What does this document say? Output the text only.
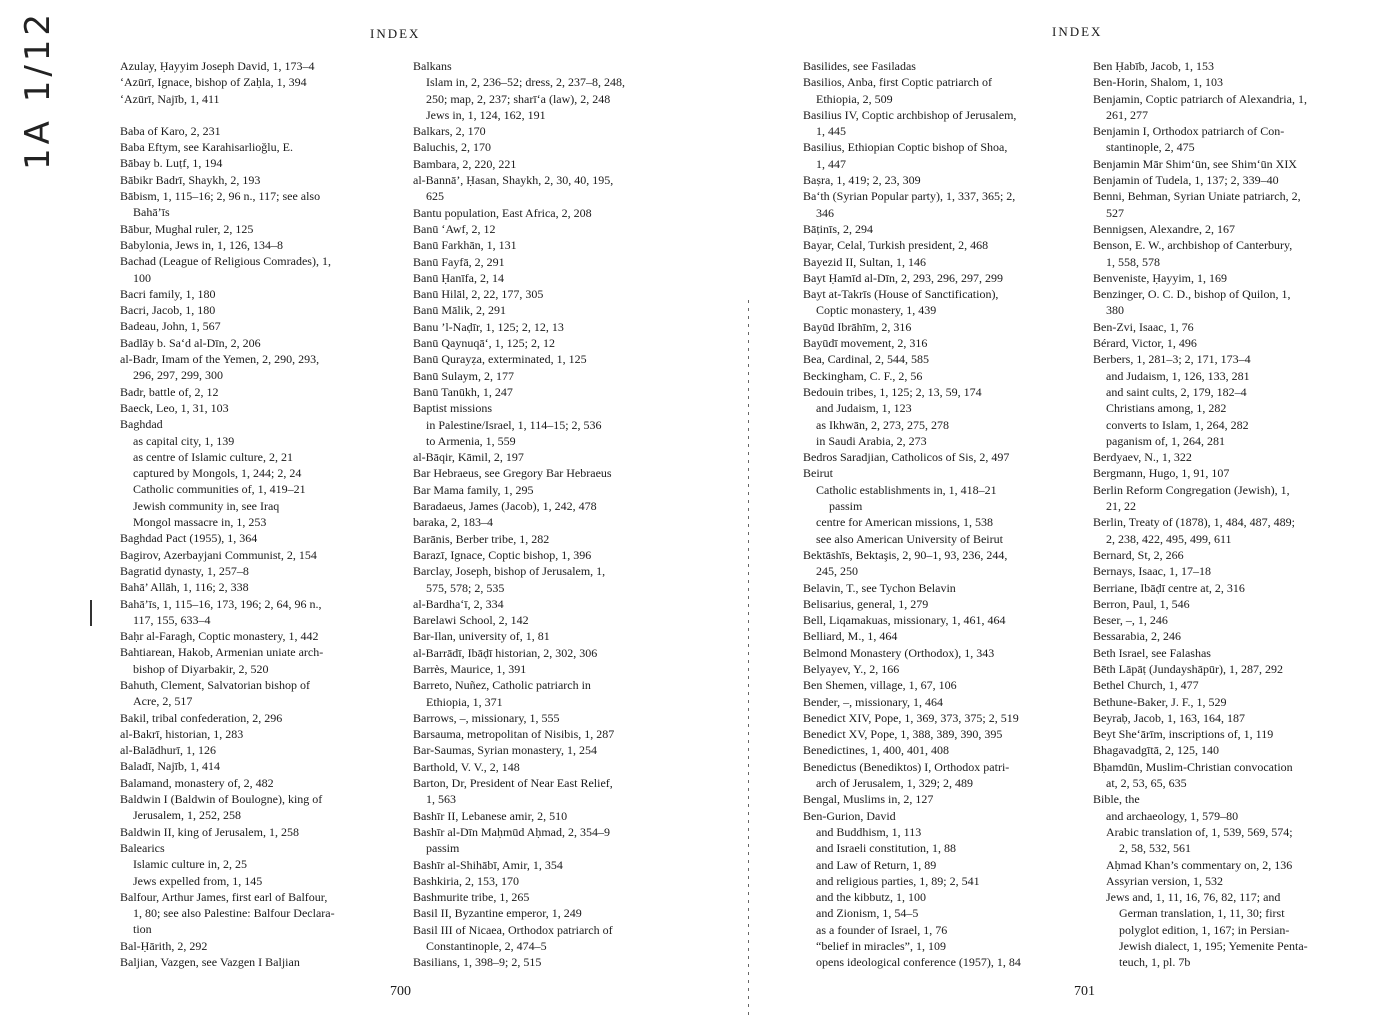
INDEX
1A 1/12	Azulay, Ḥayyim Joseph David, 1, 173–4
‘Azūrī, Ignace, bishop of Zaḥla, 1, 394
‘Azūrī, Najīb, 1, 411
Baba of Karo, 2, 231
Baba Eftym, see Karahisarlioğlu, E.
Bābay b. Luṭf, 1, 194
Bābikr Badrī, Shaykh, 2, 193
Bābism, 1, 115–16; 2, 96 n., 117; see also
Bahā’īs
Bābur, Mughal ruler, 2, 125
Babylonia, Jews in, 1, 126, 134–8
Bachad (League of Religious Comrades), 1,
100
Bacri family, 1, 180
Bacri, Jacob, 1, 180
Badeau, John, 1, 567
Badlāy b. Sa‘d al-Dīn, 2, 206
al-Badr, Imam of the Yemen, 2, 290, 293,
296, 297, 299, 300
Badr, battle of, 2, 12
Baeck, Leo, 1, 31, 103
Baghdad
as capital city, 1, 139
as centre of Islamic culture, 2, 21
captured by Mongols, 1, 244; 2, 24
Catholic communities of, 1, 419–21
Jewish community in, see Iraq
Mongol massacre in, 1, 253
Baghdad Pact (1955), 1, 364
Bagirov, Azerbayjani Communist, 2, 154
Bagratid dynasty, 1, 257–8
Bahā’ Allāh, 1, 116; 2, 338
Bahā’īs, 1, 115–16, 173, 196; 2, 64, 96 n.,
117, 155, 633–4
Baḥr al-Faragh, Coptic monastery, 1, 442
Bahtiarean, Hakob, Armenian uniate arch-
bishop of Diyarbakir, 2, 520
Bahuth, Clement, Salvatorian bishop of
Acre, 2, 517
Bakil, tribal confederation, 2, 296
al-Bakrī, historian, 1, 283
al-Balādhurī, 1, 126
Baladī, Najīb, 1, 414
Balamand, monastery of, 2, 482
Baldwin I (Baldwin of Boulogne), king of
Jerusalem, 1, 252, 258
Baldwin II, king of Jerusalem, 1, 258
Balearics
Islamic culture in, 2, 25
Jews expelled from, 1, 145
Balfour, Arthur James, first earl of Balfour,
1, 80; see also Palestine: Balfour Declara-
tion
Bal-Ḥārith, 2, 292
Baljian, Vazgen, see Vazgen I Baljian
Balkans
Islam in, 2, 236–52; dress, 2, 237–8, 248,
250; map, 2, 237; sharī‘a (law), 2, 248
Jews in, 1, 124, 162, 191
Balkars, 2, 170
Baluchis, 2, 170
Bambara, 2, 220, 221
al-Bannā’, Ḥasan, Shaykh, 2, 30, 40, 195,
625
Bantu population, East Africa, 2, 208
Banū ‘Awf, 2, 12
Banū Farkhān, 1, 131
Banū Fayfā, 2, 291
Banū Ḥanīfa, 2, 14
Banū Hilāl, 2, 22, 177, 305
Banū Mālik, 2, 291
Banu ’l-Naḍīr, 1, 125; 2, 12, 13
Banū Qaynuqā‘, 1, 125; 2, 12
Banū Qurayẓa, exterminated, 1, 125
Banū Sulaym, 2, 177
Banū Tanūkh, 1, 247
Baptist missions
in Palestine/Israel, 1, 114–15; 2, 536
to Armenia, 1, 559
al-Bāqir, Kāmil, 2, 197
Bar Hebraeus, see Gregory Bar Hebraeus
Bar Mama family, 1, 295
Baradaeus, James (Jacob), 1, 242, 478
baraka, 2, 183–4
Barānis, Berber tribe, 1, 282
Barazī, Ignace, Coptic bishop, 1, 396
Barclay, Joseph, bishop of Jerusalem, 1,
575, 578; 2, 535
al-Bardha‘ī, 2, 334
Barelawi School, 2, 142
Bar-Ilan, university of, 1, 81
al-Barrādī, Ibāḍī historian, 2, 302, 306
Barrès, Maurice, 1, 391
Barreto, Nuñez, Catholic patriarch in
Ethiopia, 1, 371
Barrows, –, missionary, 1, 555
Barsauma, metropolitan of Nisibis, 1, 287
Bar-Saumas, Syrian monastery, 1, 254
Barthold, V. V., 2, 148
Barton, Dr, President of Near East Relief,
1, 563
Bashīr II, Lebanese amir, 2, 510
Bashīr al-Dīn Maḥmūd Aḥmad, 2, 354–9
passim
Bashīr al-Shihābī, Amir, 1, 354
Bashkiria, 2, 153, 170
Bashmurite tribe, 1, 265
Basil II, Byzantine emperor, 1, 249
Basil III of Nicaea, Orthodox patriarch of
Constantinople, 2, 474–5
Basilians, 1, 398–9; 2, 515
700
INDEX
Basilides, see Fasiladas
Basilios, Anba, first Coptic patriarch of
Ethiopia, 2, 509
Basilius IV, Coptic archbishop of Jerusalem,
1, 445
Basilius, Ethiopian Coptic bishop of Shoa,
1, 447
Baṣra, 1, 419; 2, 23, 309
Ba‘th (Syrian Popular party), 1, 337, 365; 2,
346
Bāṭinīs, 2, 294
Bayar, Celal, Turkish president, 2, 468
Bayezid II, Sultan, 1, 146
Bayt Ḥamīd al-Dīn, 2, 293, 296, 297, 299
Bayt at-Takrīs (House of Sanctification),
Coptic monastery, 1, 439
Bayūd Ibrāhīm, 2, 316
Bayūdī movement, 2, 316
Bea, Cardinal, 2, 544, 585
Beckingham, C. F., 2, 56
Bedouin tribes, 1, 125; 2, 13, 59, 174
and Judaism, 1, 123
as Ikhwān, 2, 273, 275, 278
in Saudi Arabia, 2, 273
Bedros Saradjian, Catholicos of Sis, 2, 497
Beirut
Catholic establishments in, 1, 418–21
passim
centre for American missions, 1, 538
see also American University of Beirut
Bektāshīs, Bektaşis, 2, 90–1, 93, 236, 244,
245, 250
Belavin, T., see Tychon Belavin
Belisarius, general, 1, 279
Bell, Liqamakuas, missionary, 1, 461, 464
Belliard, M., 1, 464
Belmond Monastery (Orthodox), 1, 343
Belyayev, Y., 2, 166
Ben Shemen, village, 1, 67, 106
Bender, –, missionary, 1, 464
Benedict XIV, Pope, 1, 369, 373, 375; 2, 519
Benedict XV, Pope, 1, 388, 389, 390, 395
Benedictines, 1, 400, 401, 408
Benedictus (Benediktos) I, Orthodox patri-
arch of Jerusalem, 1, 329; 2, 489
Bengal, Muslims in, 2, 127
Ben-Gurion, David
and Buddhism, 1, 113
and Israeli constitution, 1, 88
and Law of Return, 1, 89
and religious parties, 1, 89; 2, 541
and the kibbutz, 1, 100
and Zionism, 1, 54–5
as a founder of Israel, 1, 76
“belief in miracles”, 1, 109
opens ideological conference (1957), 1, 84
Ben Ḥabīb, Jacob, 1, 153
Ben-Horin, Shalom, 1, 103
Benjamin, Coptic patriarch of Alexandria, 1,
261, 277
Benjamin I, Orthodox patriarch of Con-
stantinople, 2, 475
Benjamin Mār Shim‘ūn, see Shim‘ūn XIX
Benjamin of Tudela, 1, 137; 2, 339–40
Benni, Behman, Syrian Uniate patriarch, 2,
527
Bennigsen, Alexandre, 2, 167
Benson, E. W., archbishop of Canterbury,
1, 558, 578
Benveniste, Ḥayyim, 1, 169
Benzinger, O. C. D., bishop of Quilon, 1,
380
Ben-Zvi, Isaac, 1, 76
Bérard, Victor, 1, 496
Berbers, 1, 281–3; 2, 171, 173–4
and Judaism, 1, 126, 133, 281
and saint cults, 2, 179, 182–4
Christians among, 1, 282
converts to Islam, 1, 264, 282
paganism of, 1, 264, 281
Berdyaev, N., 1, 322
Bergmann, Hugo, 1, 91, 107
Berlin Reform Congregation (Jewish), 1,
21, 22
Berlin, Treaty of (1878), 1, 484, 487, 489;
2, 238, 422, 495, 499, 611
Bernard, St, 2, 266
Bernays, Isaac, 1, 17–18
Berriane, Ibāḍī centre at, 2, 316
Berron, Paul, 1, 546
Beser, –, 1, 246
Bessarabia, 2, 246
Beth Israel, see Falashas
Bēth Lāpāṭ (Jundayshāpūr), 1, 287, 292
Bethel Church, 1, 477
Bethune-Baker, J. F., 1, 529
Beyraḅ, Jacob, 1, 163, 164, 187
Beyt She‘ārīm, inscriptions of, 1, 119
Bhagavadgītā, 2, 125, 140
Bḥamdūn, Muslim-Christian convocation
at, 2, 53, 65, 635
Bible, the
and archaeology, 1, 579–80
Arabic translation of, 1, 539, 569, 574;
2, 58, 532, 561
Aḥmad Khan’s commentary on, 2, 136
Assyrian version, 1, 532
Jews and, 1, 11, 16, 76, 82, 117; and
German translation, 1, 11, 30; first
polyglot edition, 1, 167; in Persian-
Jewish dialect, 1, 195; Yemenite Penta-
teuch, 1, pl. 7b
701
